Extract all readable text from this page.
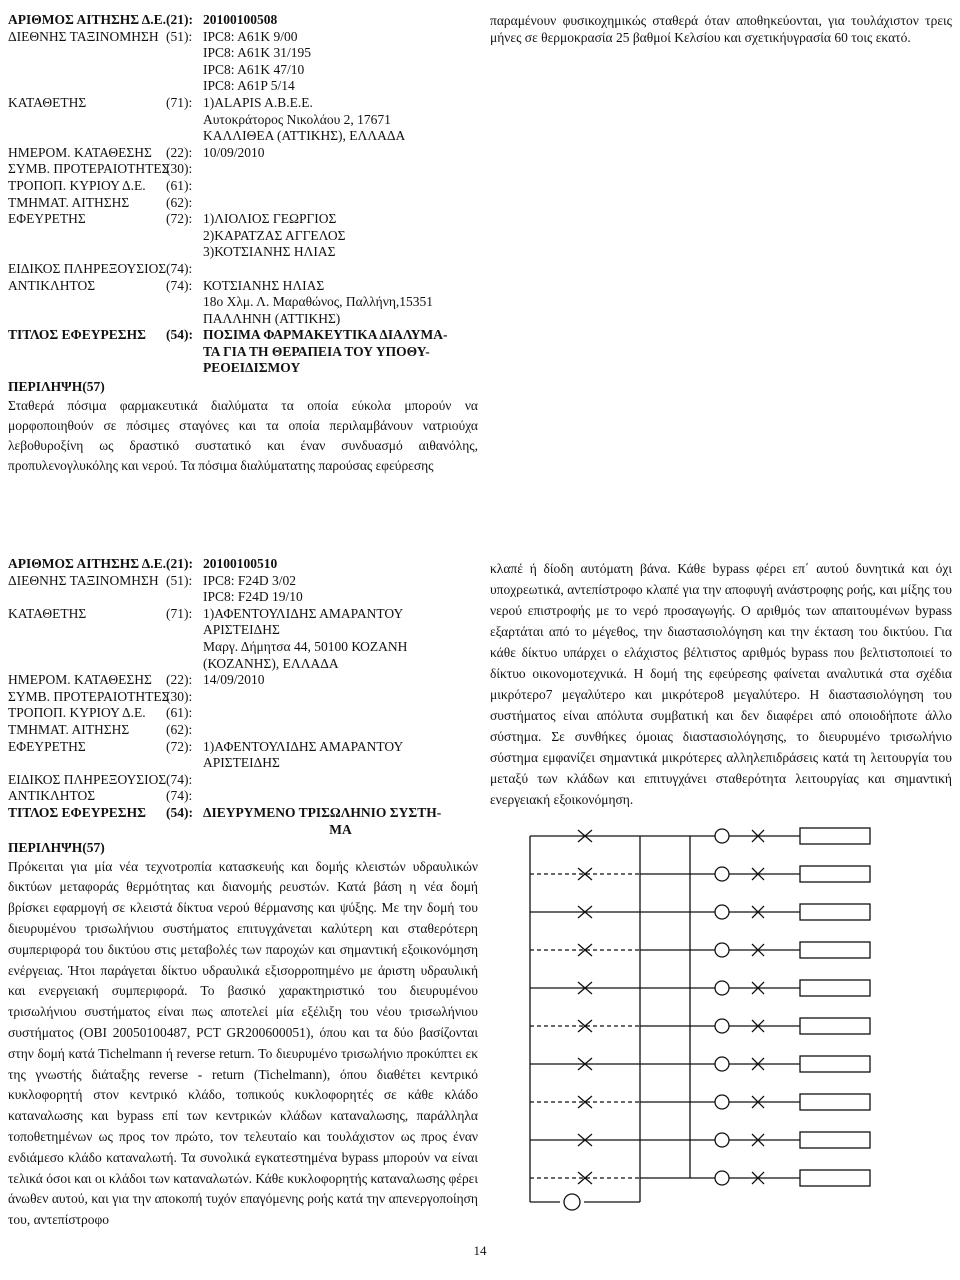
ΑΡΙΘΜΟΣ ΑΙΤΗΣΗΣ Δ.Ε. (21): 20100100508
ΔΙΕΘΝΗΣ ΤΑΞΙΝΟΜΗΣΗ (51): IPC8: A61K 9/00
IPC8: A61K 31/195
IPC8: A61K 47/10
IPC8: A61P 5/14
ΚΑΤΑΘΕΤΗΣ	(71): 1)ALAPIS A.B.E.E.
Αυτοκράτορος Νικολάου 2, 17671
ΚΑΛΛΙΘΕΑ (ΑΤΤΙΚΗΣ), ΕΛΛΑΔΑ
ΗΜΕΡΟΜ. ΚΑΤΑΘΕΣΗΣ	(22): 10/09/2010
ΣΥΜΒ. ΠΡΟΤΕΡΑΙΟΤΗΤΕΣ
(30):
ΤΡΟΠΟΠ. ΚΥΡΙΟΥ Δ.Ε.	(61):
ΤΜΗΜΑΤ. ΑΙΤΗΣΗΣ	(62):
ΕΦΕΥΡΕΤΗΣ	(72): 1)ΛΙΟΛΙΟΣ ΓΕΩΡΓΙΟΣ
2)ΚΑΡΑΤΖΑΣ ΑΓΓΕΛΟΣ
3)ΚΟΤΣΙΑΝΗΣ ΗΛΙΑΣ
ΕΙΔΙΚΟΣ ΠΛΗΡΕΞΟΥΣΙΟΣ (74):
ΑΝΤΙΚΛΗΤΟΣ	(74): ΚΟΤΣΙΑΝΗΣ ΗΛΙΑΣ
18o Χλμ. Λ. Μαραθώνος, Παλλήνη,15351
ΠΑΛΛΗΝΗ (ΑΤΤΙΚΗΣ)
ΤΙΤΛΟΣ ΕΦΕΥΡΕΣΗΣ	(54): ΠΟΣΙΜΑ ΦΑΡΜΑΚΕΥΤΙΚΑ ΔΙΑΛΥΜΑ-
ΤΑ ΓΙΑ ΤΗ ΘΕΡΑΠΕΙΑ ΤΟΥ ΥΠΟΘΥ-
ΡΕΟΕΙΔΙΣΜΟΥ
ΠΕΡΙΛΗΨΗ(57)

Σταθερά πόσιμα φαρμακευτικά διαλύματα τα οποία εύκολα μπορούν να μορφοποιηθούν σε πόσιμες σταγόνες και τα οποία περιλαμβάνουν νατριούχα λεβοθυροξίνη ως δραστικό συστατικό και έναν συνδυασμό αιθανόλης, προπυλενογλυκόλης και νερού. Τα πόσιμα διαλύματατης παρούσας εφεύρεσης

παραμένουν φυσικοχημικώς σταθερά όταν αποθηκεύονται, για τουλάχιστον τρεις μήνες σε θερμοκρασία 25 βαθμοί Κελσίου και σχετικήυγρασία 60 τοις εκατό.

ΑΡΙΘΜΟΣ ΑΙΤΗΣΗΣ Δ.Ε. (21): 20100100510
ΔΙΕΘΝΗΣ ΤΑΞΙΝΟΜΗΣΗ (51): IPC8: F24D 3/02
IPC8: F24D 19/10
ΚΑΤΑΘΕΤΗΣ	(71): 1)ΑΦΕΝΤΟΥΛΙΔΗΣ ΑΜΑΡΑΝΤΟΥ
ΑΡΙΣΤΕΙΔΗΣ
Μαργ. Δήμητσα 44, 50100 ΚΟΖΑΝΗ
(ΚΟΖΑΝΗΣ), ΕΛΛΑΔΑ
ΗΜΕΡΟΜ. ΚΑΤΑΘΕΣΗΣ	(22): 14/09/2010
ΣΥΜΒ. ΠΡΟΤΕΡΑΙΟΤΗΤΕΣ
(30):
ΤΡΟΠΟΠ. ΚΥΡΙΟΥ Δ.Ε.	(61):
ΤΜΗΜΑΤ. ΑΙΤΗΣΗΣ	(62):
ΕΦΕΥΡΕΤΗΣ	(72): 1)ΑΦΕΝΤΟΥΛΙΔΗΣ ΑΜΑΡΑΝΤΟΥ
ΑΡΙΣΤΕΙΔΗΣ
ΕΙΔΙΚΟΣ ΠΛΗΡΕΞΟΥΣΙΟΣ (74):
ΑΝΤΙΚΛΗΤΟΣ	(74):
ΤΙΤΛΟΣ ΕΦΕΥΡΕΣΗΣ	(54): ΔΙΕΥΡΥΜΕΝΟ ΤΡΙΣΩΛΗΝΙΟ ΣΥΣΤΗ-
ΜΑ
ΠΕΡΙΛΗΨΗ(57)

Πρόκειται για μία νέα τεχνοτροπία κατασκευής και δομής κλειστών υδραυλικών δικτύων μεταφοράς θερμότητας και διανομής ρευστών. Κατά βάση η νέα δομή βρίσκει εφαρμογή σε κλειστά δίκτυα νερού θέρμανσης και ψύξης. Με την δομή του διευρυμένου τρισωλήνιου συστήματος επιτυγχάνεται καλύτερη και σταθερότερη συμπεριφορά του δικτύου στις μεταβολές των παροχών και σημαντική εξοικονόμηση ενέργειας. Ήτοι παράγεται δίκτυο υδραυλικά εξισορροπημένο με άριστη υδραυλική και ενεργειακή συμπεριφορά. Το βασικό χαρακτηριστικό του διευρυμένου τρισωλήνιου συστήματος είναι πως αποτελεί μία εξέλιξη του νέου τρισωλήνιου συστήματος (ΟΒΙ 20050100487, PCT GR200600051), όπου και τα δύο βασίζονται στην δομή κατά Tichelmann ή reverse return. Το διευρυμένο τρισωλήνιο προκύπτει εκ της γνωστής διάταξης reverse - return (Tichelmann), όπου διαθέτει κεντρικό κυκλοφορητή στον κεντρικό κλάδο, τοπικούς κυκλοφορητές σε κάθε κλάδο καταναλωσης και bypass επί των κεντρικών κλάδων καταναλωσης, παράλληλα τοποθετημένων ως προς τον πρώτο, τον τελευταίο και τουλάχιστον ως προς έναν ενδιάμεσο κλάδο καταναλωτή. Τα συνολικά εγκατεστημένα bypass μπορούν να είναι τελικά όσοι και οι κλάδοι των καταναλωτών. Κάθε κυκλοφορητής καταναλωσης φέρει άνωθεν αυτού, και για την αποκοπή τυχόν επαγόμενης ροής κατά την απενεργοποίηση του, αντεπίστροφο

κλαπέ ή δίοδη αυτόματη βάνα. Κάθε bypass φέρει επ΄ αυτού δυνητικά και όχι υποχρεωτικά, αντεπίστροφο κλαπέ για την αποφυγή ανάστροφης ροής, και μίξης του νερού επιστροφής με το νερό προσαγωγής. Ο αριθμός των απαιτουμένων bypass εξαρτάται από το μέγεθος, την διαστασιολόγηση και την έκταση του δικτύου. Για κάθε δίκτυο υπάρχει ο ελάχιστος βέλτιστος αριθμός bypass που βελτιστοποιεί το δίκτυο οικονομοτεχνικά. Η δομή της εφεύρεσης φαίνεται αναλυτικά στα σχέδια μικρότερο7 μεγαλύτερο και μικρότερο8 μεγαλύτερο. Η διαστασιολόγηση του συστήματος είναι απόλυτα συμβατική και δεν διαφέρει από οποιοδήποτε άλλο σύστημα. Σε συνθήκες όμοιας διαστασιολόγησης, το διευρυμένο τρισωλήνιο σύστημα εμφανίζει σημαντικά μικρότερες αλληλεπιδράσεις κατά τη λειτουργία του μεταξύ των κλάδων και επιτυγχάνει σταθερότητα λειτουργίας και σημαντική ενεργειακή εξοικονόμηση.

14
